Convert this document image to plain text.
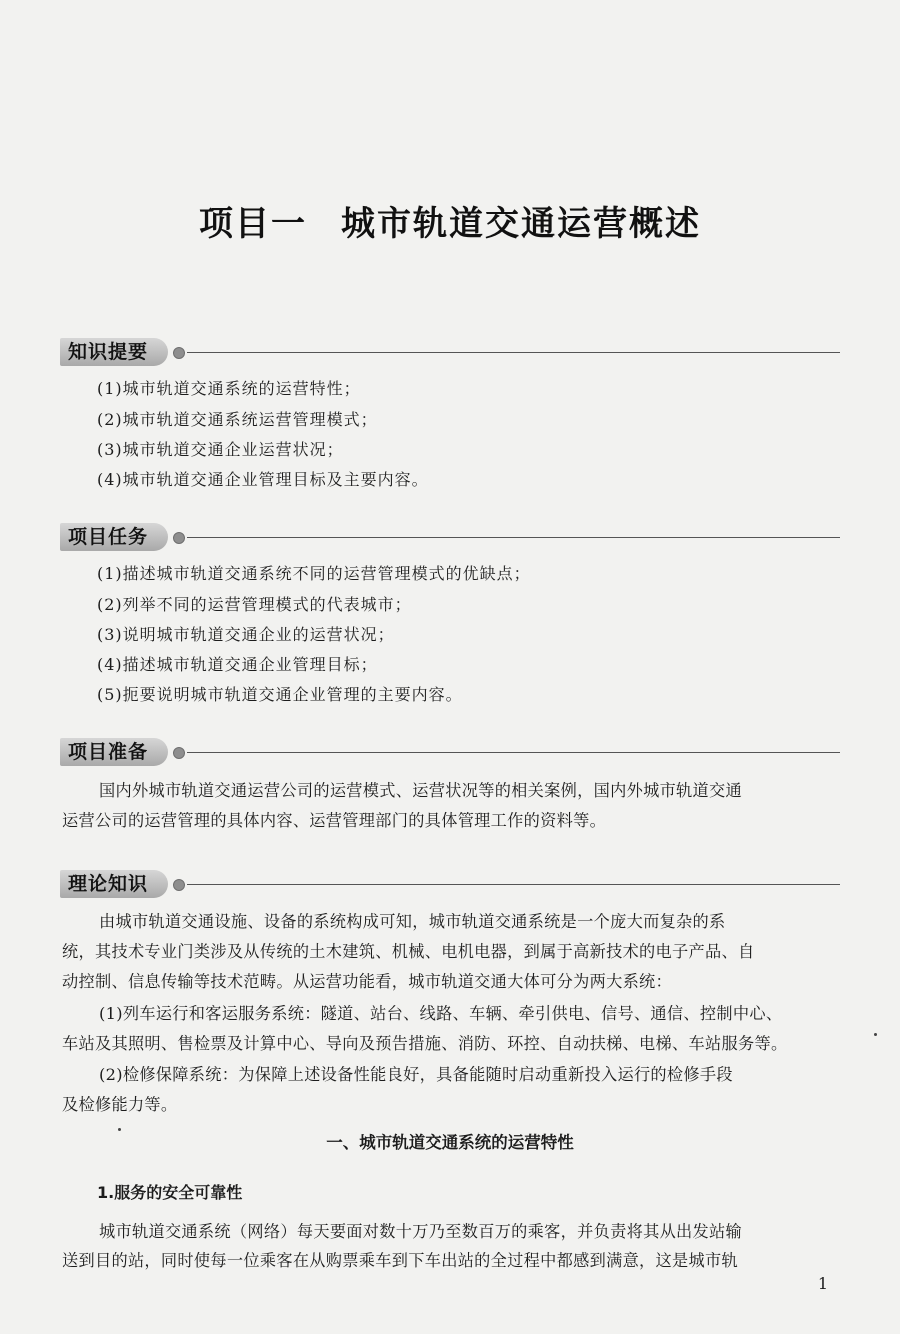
项目一 城市轨道交通运营概述
知识提要
(1)城市轨道交通系统的运营特性；
(2)城市轨道交通系统运营管理模式；
(3)城市轨道交通企业运营状况；
(4)城市轨道交通企业管理目标及主要内容。
项目任务
(1)描述城市轨道交通系统不同的运营管理模式的优缺点；
(2)列举不同的运营管理模式的代表城市；
(3)说明城市轨道交通企业的运营状况；
(4)描述城市轨道交通企业管理目标；
(5)扼要说明城市轨道交通企业管理的主要内容。
项目准备
国内外城市轨道交通运营公司的运营模式、运营状况等的相关案例，国内外城市轨道交通
运营公司的运营管理的具体内容、运营管理部门的具体管理工作的资料等。
理论知识
由城市轨道交通设施、设备的系统构成可知，城市轨道交通系统是一个庞大而复杂的系
统，其技术专业门类涉及从传统的土木建筑、机械、电机电器，到属于高新技术的电子产品、自
动控制、信息传输等技术范畴。从运营功能看，城市轨道交通大体可分为两大系统：
(1)列车运行和客运服务系统：隧道、站台、线路、车辆、牵引供电、信号、通信、控制中心、
车站及其照明、售检票及计算中心、导向及预告措施、消防、环控、自动扶梯、电梯、车站服务等。
(2)检修保障系统：为保障上述设备性能良好，具备能随时启动重新投入运行的检修手段
及检修能力等。
一、城市轨道交通系统的运营特性
1.服务的安全可靠性
城市轨道交通系统（网络）每天要面对数十万乃至数百万的乘客，并负责将其从出发站输
送到目的站，同时使每一位乘客在从购票乘车到下车出站的全过程中都感到满意，这是城市轨
1
